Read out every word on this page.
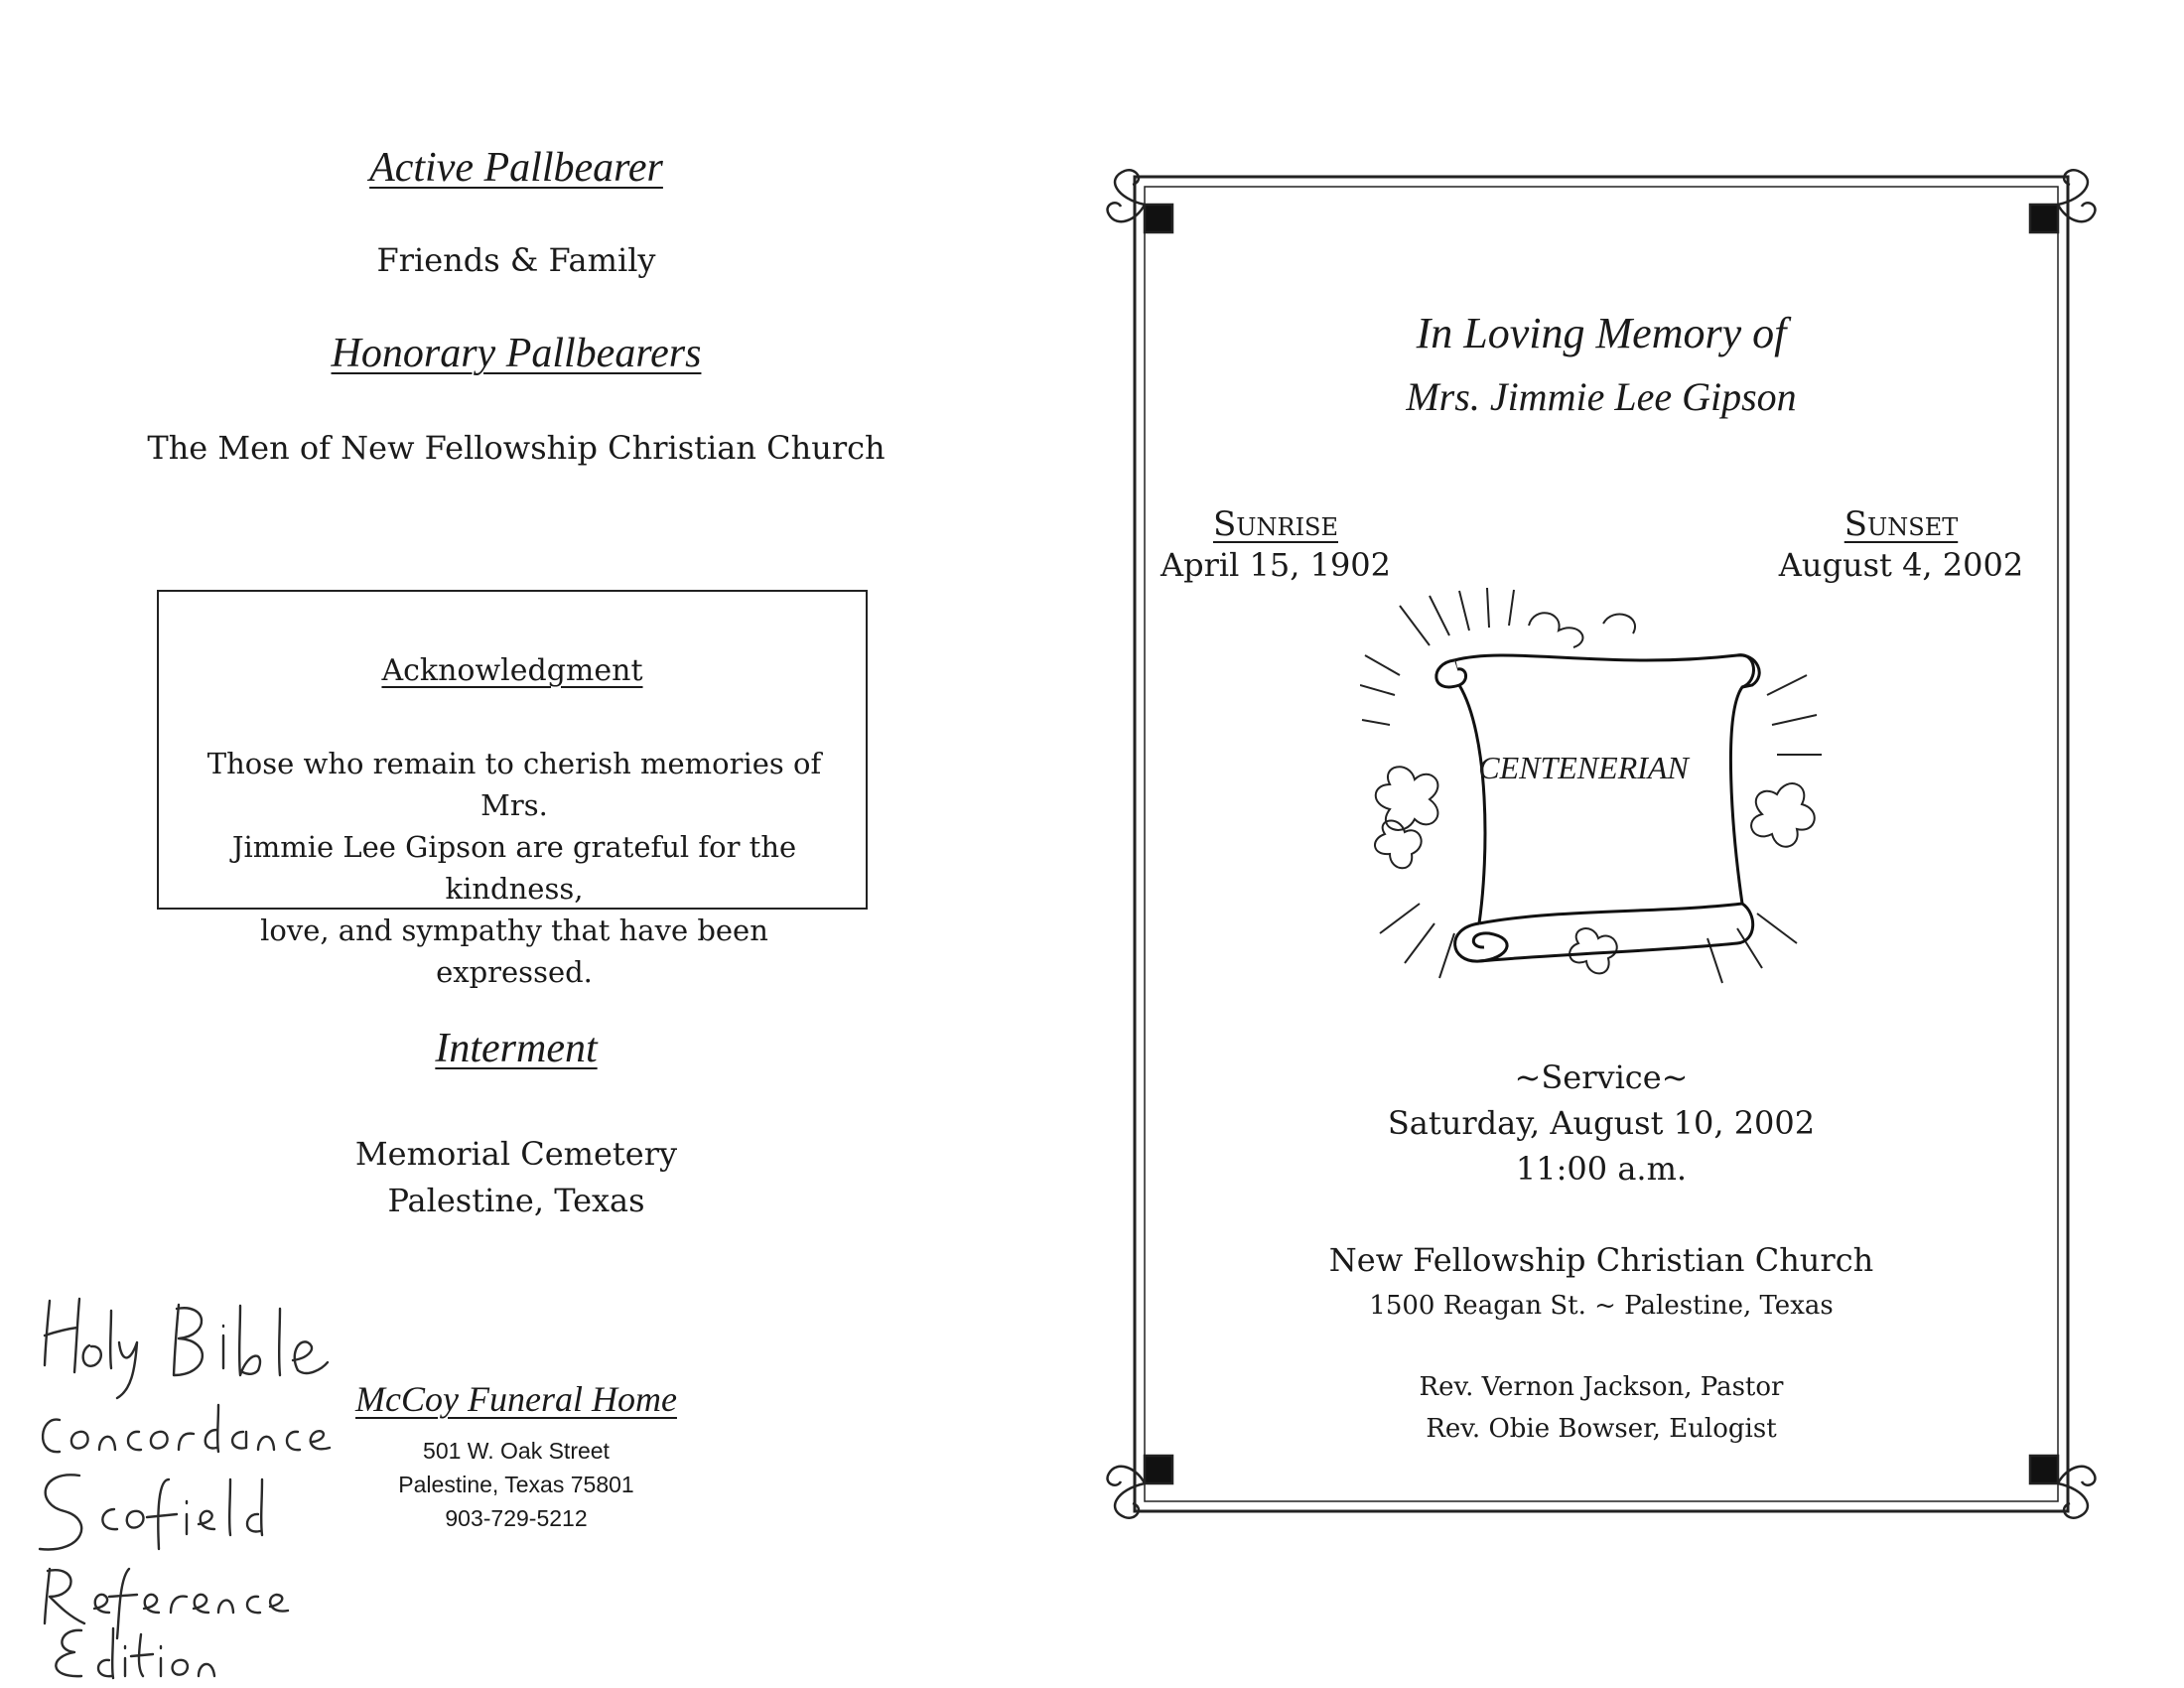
Active Pallbearer
Friends & Family
Honorary Pallbearers
The Men of New Fellowship Christian Church
Acknowledgment
Those who remain to cherish memories of Mrs.
Jimmie Lee Gipson are grateful for the kindness,
love, and sympathy that have been expressed.
Interment
Memorial Cemetery
Palestine, Texas
McCoy Funeral Home
501 W. Oak Street
Palestine, Texas 75801
903-729-5212
In Loving Memory of
Mrs. Jimmie Lee Gipson
Sunrise
April 15, 1902
Sunset
August 4, 2002
CENTENERIAN
~Service~
Saturday, August 10, 2002
11:00 a.m.
New Fellowship Christian Church
1500 Reagan St. ~ Palestine, Texas
Rev. Vernon Jackson, Pastor
Rev. Obie Bowser, Eulogist
